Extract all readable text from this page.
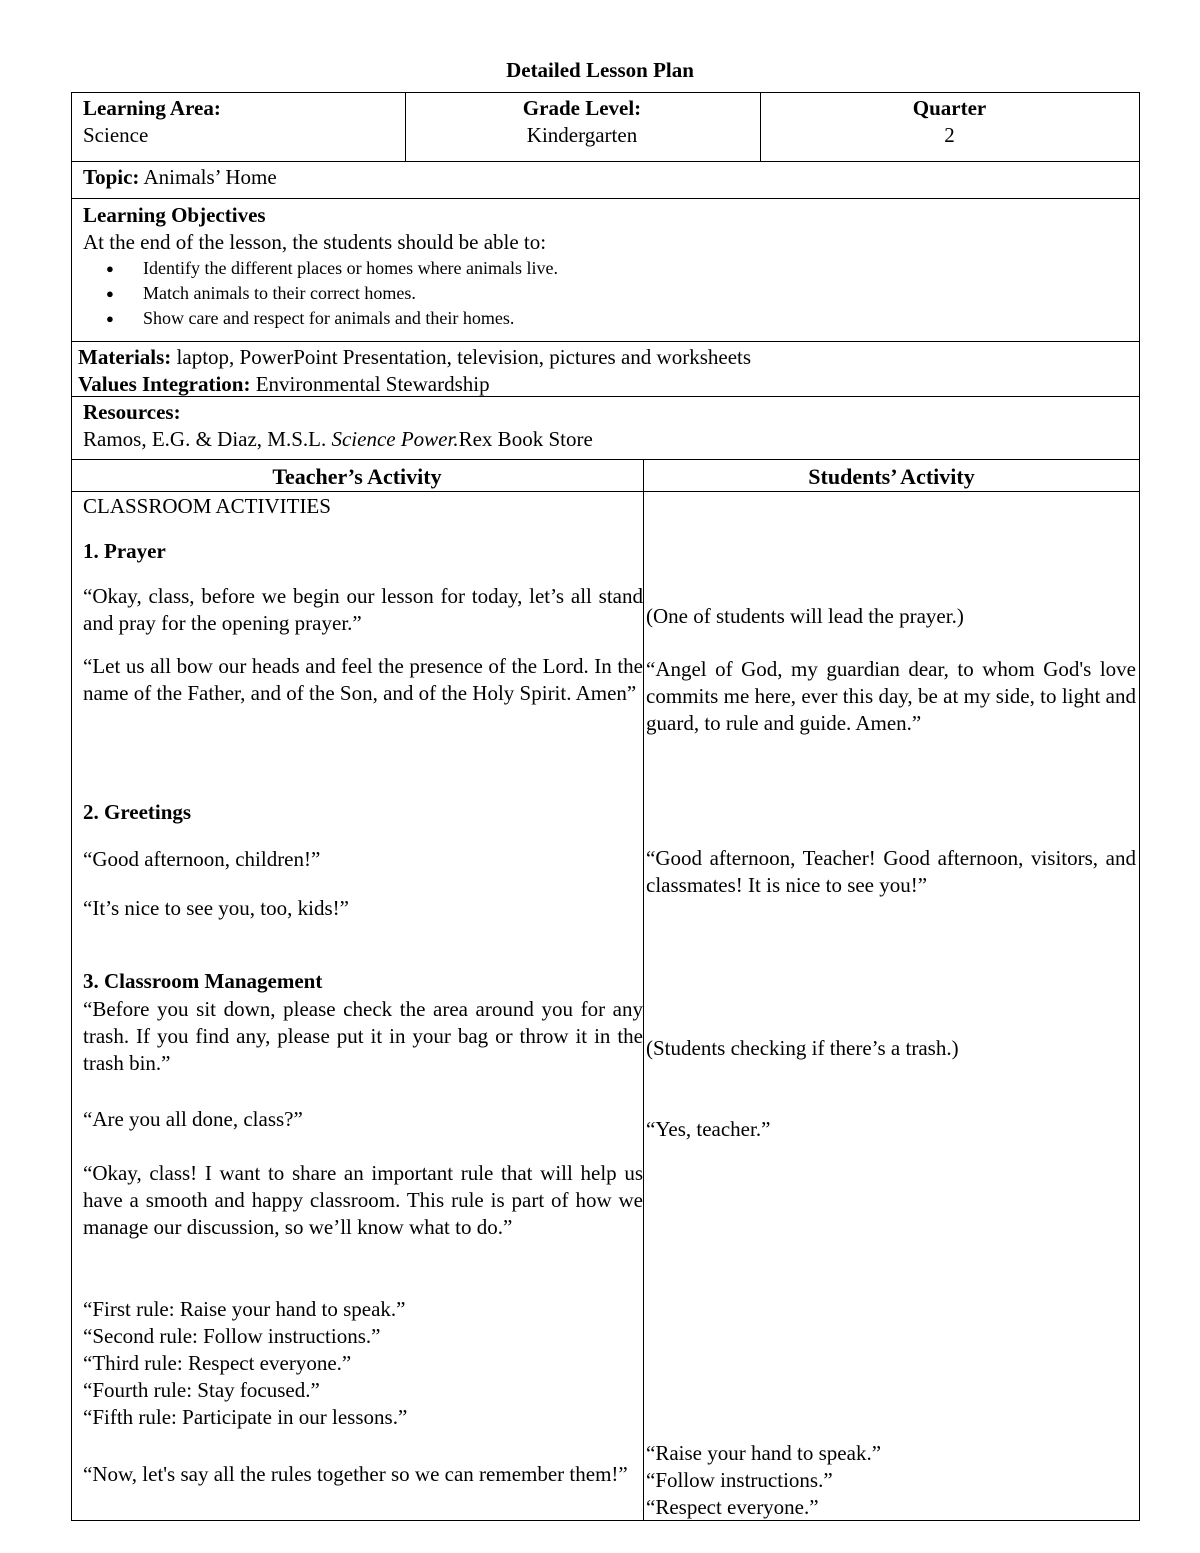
Detailed Lesson Plan
Learning Area:
Science
Grade Level:
Kindergarten
Quarter
2
Topic: Animals’ Home
Learning Objectives
At the end of the lesson, the students should be able to:
● Identify the different places or homes where animals live.
● Match animals to their correct homes.
● Show care and respect for animals and their homes.
Materials: laptop, PowerPoint Presentation, television, pictures and worksheets
Values Integration: Environmental Stewardship
Resources:
Ramos, E.G. & Diaz, M.S.L. Science Power.Rex Book Store
Teacher’s Activity	Students’ Activity
CLASSROOM ACTIVITIES
1. Prayer
“Okay, class, before we begin our lesson for today, let’s all stand and pray for the opening prayer.”
“Let us all bow our heads and feel the presence of the Lord. In the name of the Father, and of the Son, and of the Holy Spirit. Amen”
2. Greetings
“Good afternoon, children!”
“It’s nice to see you, too, kids!”
3. Classroom Management
“Before you sit down, please check the area around you for any trash. If you find any, please put it in your bag or throw it in the trash bin.”
“Are you all done, class?”
“Okay, class! I want to share an important rule that will help us have a smooth and happy classroom. This rule is part of how we manage our discussion, so we’ll know what to do.”
“First rule: Raise your hand to speak.”
“Second rule: Follow instructions.”
“Third rule: Respect everyone.”
“Fourth rule: Stay focused.”
“Fifth rule: Participate in our lessons.”
“Now, let's say all the rules together so we can remember them!”
(One of students will lead the prayer.)
“Angel of God, my guardian dear, to whom God's love commits me here, ever this day, be at my side, to light and guard, to rule and guide. Amen.”
“Good afternoon, Teacher! Good afternoon, visitors, and classmates! It is nice to see you!”
(Students checking if there’s a trash.)
“Yes, teacher.”
“Raise your hand to speak.”
“Follow instructions.”
“Respect everyone.”
